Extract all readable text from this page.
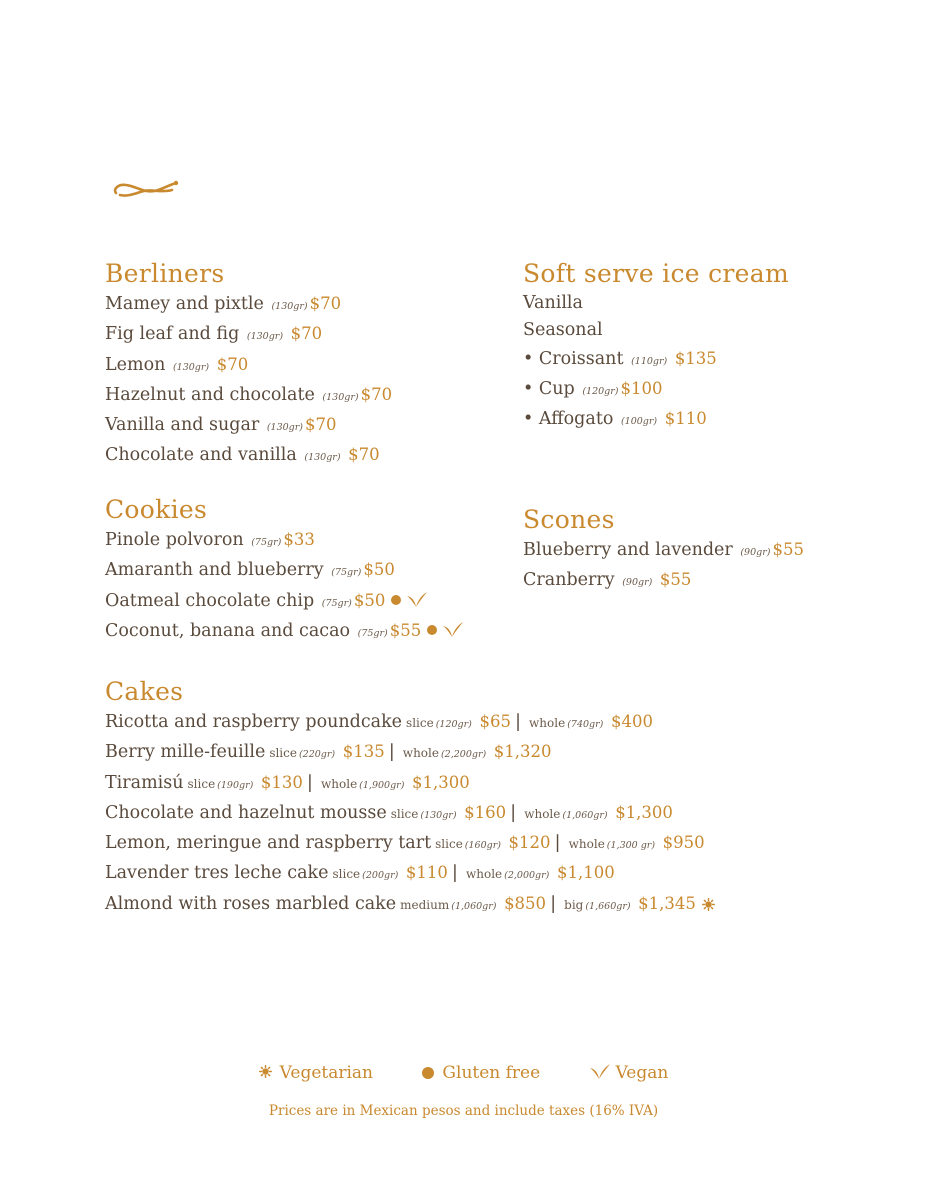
Berliners
Mamey and pixtle (130gr) $70
Fig leaf and fig (130gr) $70
Lemon (130gr) $70
Hazelnut and chocolate (130gr) $70
Vanilla and sugar (130gr) $70
Chocolate and vanilla (130gr) $70
Soft serve ice cream
Vanilla
Seasonal
• Croissant (110gr) $135
• Cup (120gr) $100
• Affogato (100gr) $110
Cookies
Pinole polvoron (75gr) $33
Amaranth and blueberry (75gr) $50
Oatmeal chocolate chip (75gr) $50
Coconut, banana and cacao (75gr) $55
Scones
Blueberry and lavender (90gr) $55
Cranberry (90gr) $55
Cakes
Ricotta and raspberry poundcake slice (120gr) $65 | whole (740gr) $400
Berry mille-feuille slice (220gr) $135 | whole (2,200gr) $1,320
Tiramisú slice (190gr) $130 | whole (1,900gr) $1,300
Chocolate and hazelnut mousse slice (130gr) $160 | whole (1,060gr) $1,300
Lemon, meringue and raspberry tart slice (160gr) $120 | whole (1,300 gr) $950
Lavender tres leche cake slice (200gr) $110 | whole (2,000gr) $1,100
Almond with roses marbled cake medium (1,060gr) $850 | big (1,660gr) $1,345
Vegetarian	Gluten free	Vegan
Prices are in Mexican pesos and include taxes (16% IVA)
